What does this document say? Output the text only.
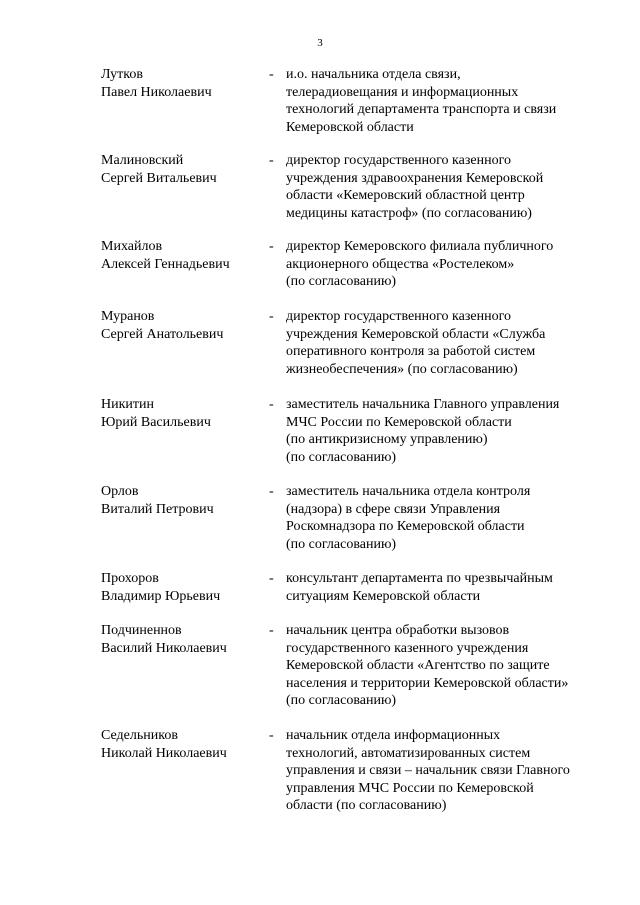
3
Лутков
Павел Николаевич
- и.о. начальника отдела связи,
телерадиовещания и информационных
технологий департамента транспорта и связи
Кемеровской области
Малиновский
Сергей Витальевич
- директор государственного казенного
учреждения здравоохранения Кемеровской
области «Кемеровский областной центр
медицины катастроф» (по согласованию)
Михайлов
Алексей Геннадьевич
- директор Кемеровского филиала публичного
акционерного общества «Ростелеком»
(по согласованию)
Муранов
Сергей Анатольевич
- директор государственного казенного
учреждения Кемеровской области «Служба
оперативного контроля за работой систем
жизнеобеспечения» (по согласованию)
Никитин
Юрий Васильевич
- заместитель начальника Главного управления
МЧС России по Кемеровской области
(по антикризисному управлению)
(по согласованию)
Орлов
Виталий Петрович
- заместитель начальника отдела контроля
(надзора) в сфере связи Управления
Роскомнадзора по Кемеровской области
(по согласованию)
Прохоров
Владимир Юрьевич
- консультант департамента по чрезвычайным
ситуациям Кемеровской области
Подчиненнов
Василий Николаевич
- начальник центра обработки вызовов
государственного казенного учреждения
Кемеровской области «Агентство по защите
населения и территории Кемеровской области»
(по согласованию)
Седельников
Николай Николаевич
- начальник отдела информационных
технологий, автоматизированных систем
управления и связи – начальник связи Главного
управления МЧС России по Кемеровской
области (по согласованию)
